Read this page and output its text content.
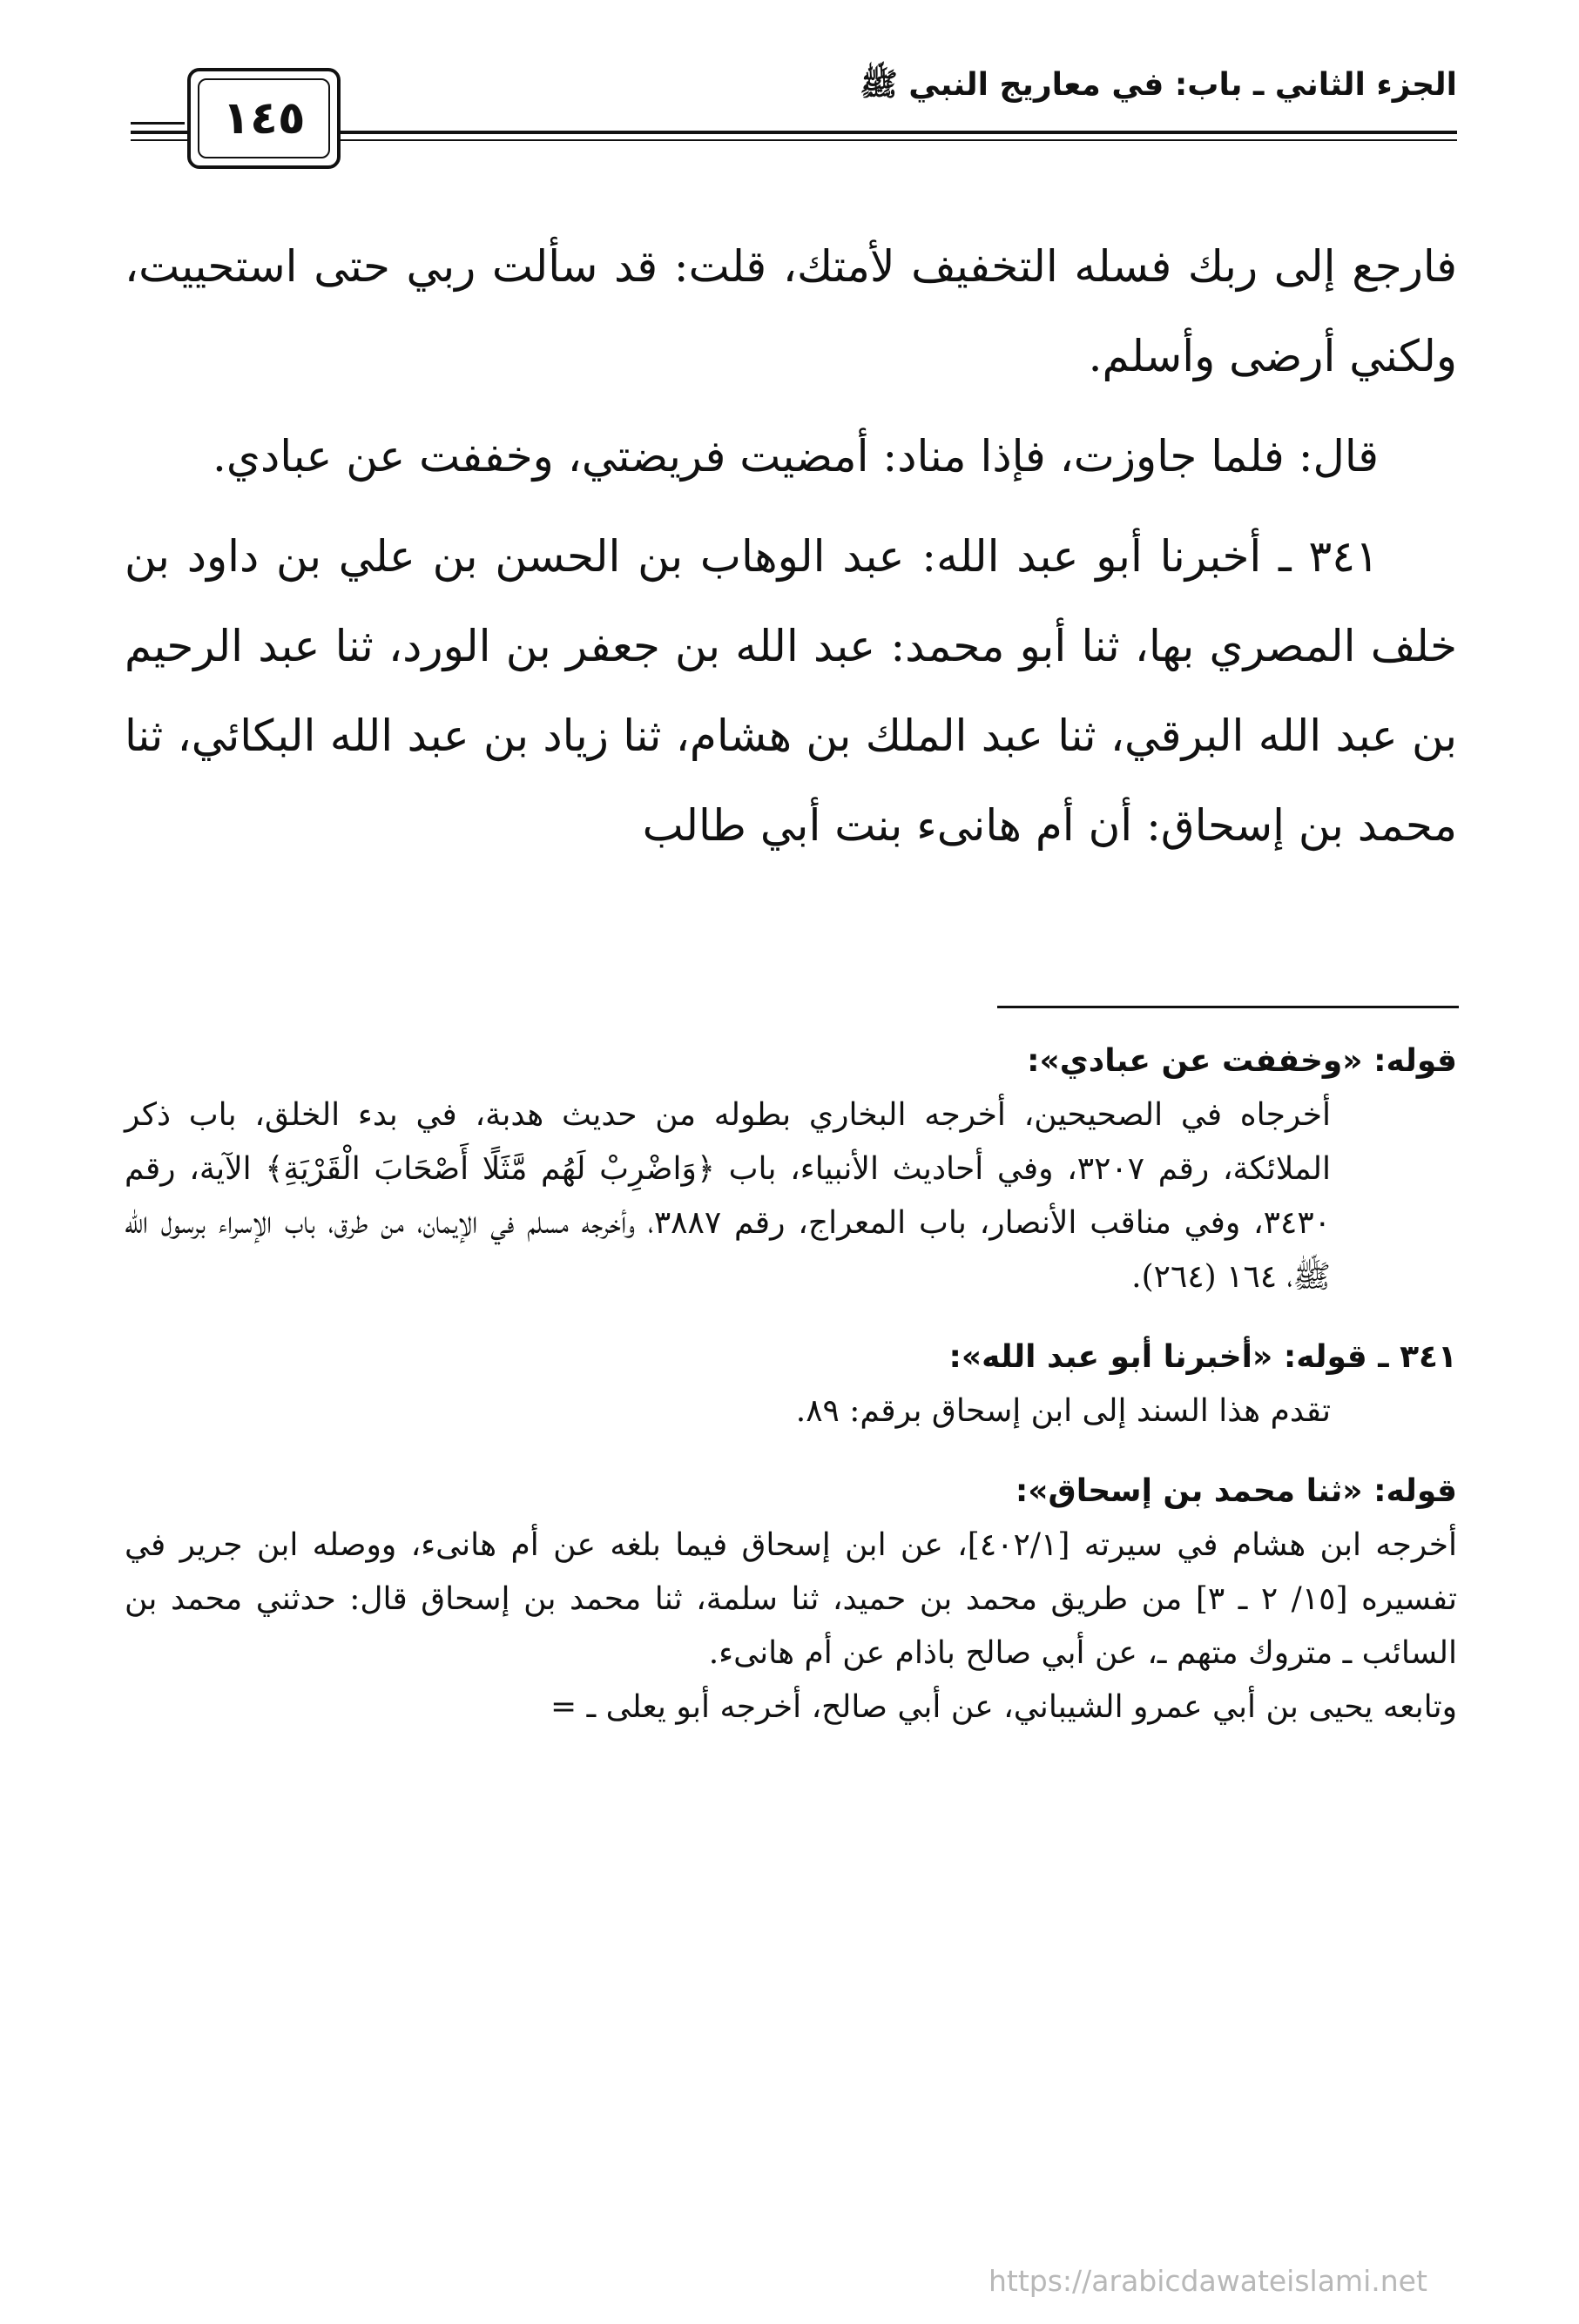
الجزء الثاني ـ باب: في معاريج النبي ﷺ
١٤٥

فارجع إلى ربك فسله التخفيف لأمتك، قلت: قد سألت ربي حتى استحييت، ولكني أرضى وأسلم.

قال: فلما جاوزت، فإذا مناد: أمضيت فريضتي، وخففت عن عبادي.

٣٤١ ـ أخبرنا أبو عبد الله: عبد الوهاب بن الحسن بن علي بن داود بن خلف المصري بها، ثنا أبو محمد: عبد الله بن جعفر بن الورد، ثنا عبد الرحيم بن عبد الله البرقي، ثنا عبد الملك بن هشام، ثنا زياد بن عبد الله البكائي، ثنا محمد بن إسحاق: أن أم هانىء بنت أبي طالب

قوله: «وخففت عن عبادي»:

أخرجاه في الصحيحين، أخرجه البخاري بطوله من حديث هدبة، في بدء الخلق، باب ذكر الملائكة، رقم ٣٢٠٧، وفي أحاديث الأنبياء، باب ﴿وَاضْرِبْ لَهُم مَّثَلًا أَصْحَابَ الْقَرْيَةِ﴾ الآية، رقم ٣٤٣٠، وفي مناقب الأنصار، باب المعراج، رقم ٣٨٨٧، وأخرجه مسلم في الإيمان، من طرق، باب الإسراء برسول الله ﷺ، ١٦٤ (٢٦٤).

٣٤١ ـ قوله: «أخبرنا أبو عبد الله»:

تقدم هذا السند إلى ابن إسحاق برقم: ٨٩.

قوله: «ثنا محمد بن إسحاق»:

أخرجه ابن هشام في سيرته [٤٠٢/١]، عن ابن إسحاق فيما بلغه عن أم هانىء، ووصله ابن جرير في تفسيره [١٥/ ٢ ـ ٣] من طريق محمد بن حميد، ثنا سلمة، ثنا محمد بن إسحاق قال: حدثني محمد بن السائب ـ متروك متهم ـ، عن أبي صالح باذام عن أم هانىء.

وتابعه يحيى بن أبي عمرو الشيباني، عن أبي صالح، أخرجه أبو يعلى ـ =

https://arabicdawateislami.net
